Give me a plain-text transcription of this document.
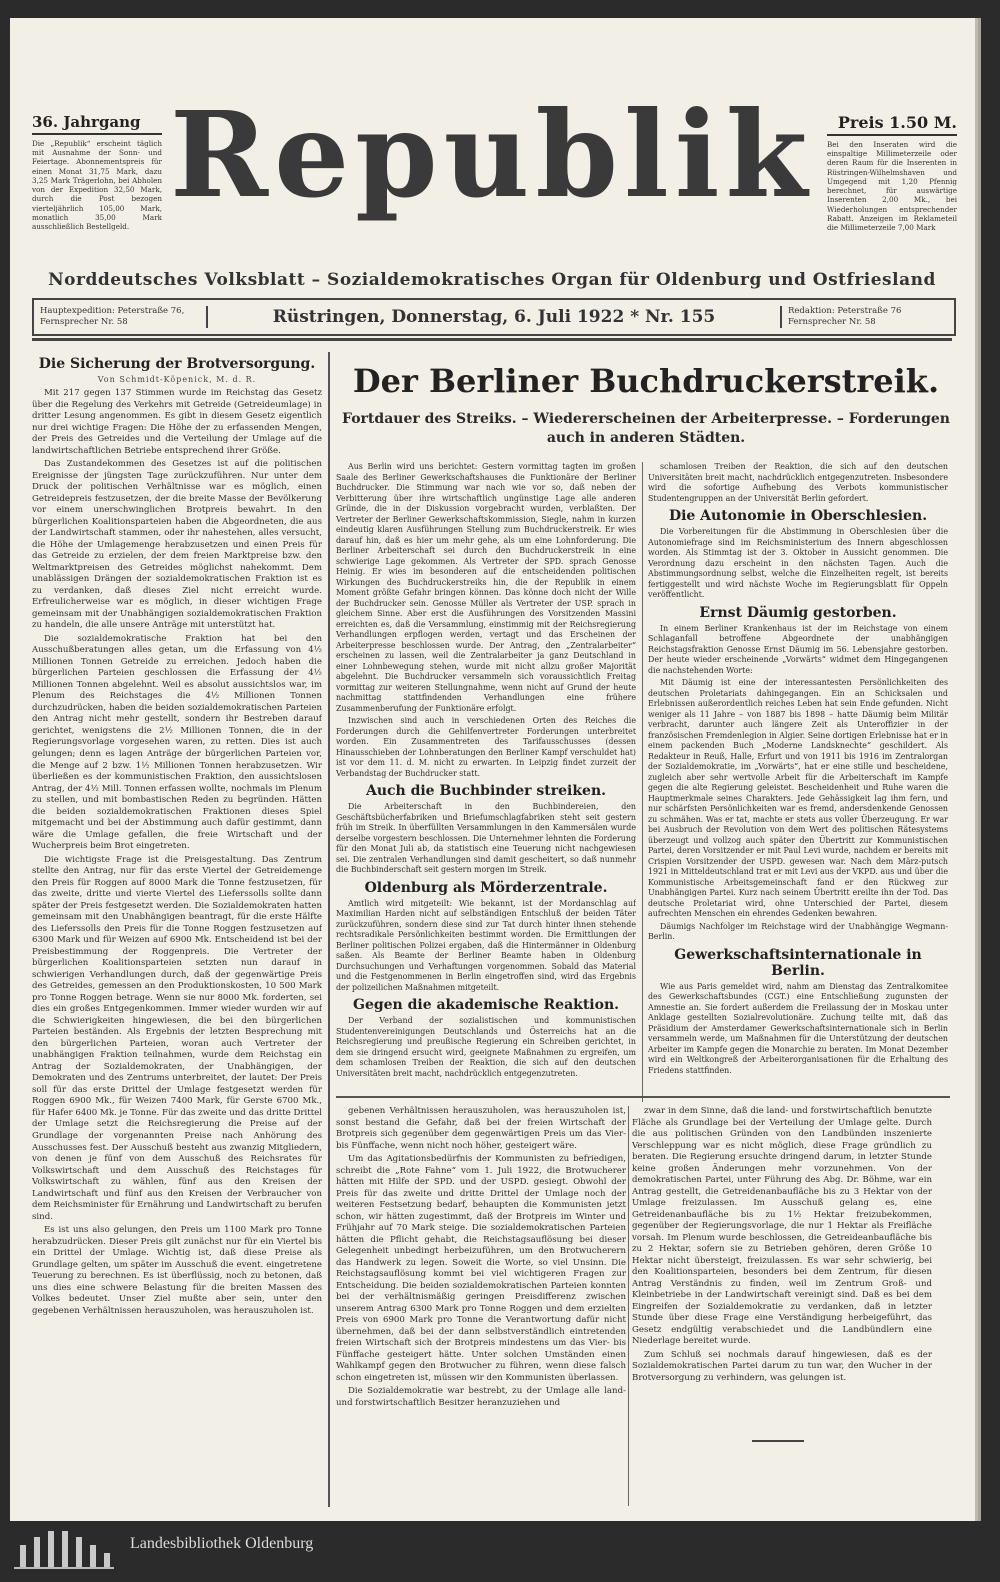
36. Jahrgang
Die „Republik“ erscheint täglich mit Ausnahme der Sonn- und Feiertage. Abonnementspreis für einen Monat 31,75 Mark, dazu 3,25 Mark Trägerlohn, bei Abholen von der Expedition 32,50 Mark, durch die Post bezogen vierteljährlich 105,00 Mark, monatlich 35,00 Mark ausschließlich Bestellgeld.
Republik	Preis 1.50 M.
Bei den Inseraten wird die einspaltige Millimeterzeile oder deren Raum für die Inserenten in Rüstringen-Wilhelmshaven und Umgegend mit 1,20 Pfennig berechnet, für auswärtige Inserenten 2,00 Mk., bei Wiederholungen entsprechender Rabatt. Anzeigen im Reklameteil die Millimeterzeile 7,00 Mark
Norddeutsches Volksblatt – Sozialdemokratisches Organ für Oldenburg und Ostfriesland
Hauptexpedition: Peterstraße 76, Fernsprecher Nr. 58	Rüstringen, Donnerstag, 6. Juli 1922 * Nr. 155	Redaktion: Peterstraße 76 Fernsprecher Nr. 58
Die Sicherung der Brotversorgung.
Von Schmidt-Köpenick, M. d. R.

Mit 217 gegen 137 Stimmen wurde im Reichstag das Gesetz über die Regelung des Verkehrs mit Getreide (Getreideumlage) in dritter Lesung angenommen. Es gibt in diesem Gesetz eigentlich nur drei wichtige Fragen: Die Höhe der zu erfassenden Mengen, der Preis des Getreides und die Verteilung der Umlage auf die landwirtschaftlichen Betriebe entsprechend ihrer Größe.

Das Zustandekommen des Gesetzes ist auf die politischen Ereignisse der jüngsten Tage zurückzuführen. Nur unter dem Druck der politischen Verhältnisse war es möglich, einen Getreidepreis festzusetzen, der die breite Masse der Bevölkerung vor einem unerschwinglichen Brotpreis bewahrt. In den bürgerlichen Koalitionsparteien haben die Abgeordneten, die aus der Landwirtschaft stammen, oder ihr nahestehen, alles versucht, die Höhe der Umlagemenge herabzusetzen und einen Preis für das Getreide zu erzielen, der dem freien Marktpreise bzw. den Weltmarktpreisen des Getreides möglichst nahekommt. Dem unablässigen Drängen der sozialdemokratischen Fraktion ist es zu verdanken, daß dieses Ziel nicht erreicht wurde. Erfreulicherweise war es möglich, in dieser wichtigen Frage gemeinsam mit der Unabhängigen sozialdemokratischen Fraktion zu handeln, die alle unsere Anträge mit unterstützt hat.

Die sozialdemokratische Fraktion hat bei den Ausschußberatungen alles getan, um die Erfassung von 4½ Millionen Tonnen Getreide zu erreichen. Jedoch haben die bürgerlichen Parteien geschlossen die Erfassung der 4½ Millionen Tonnen abgelehnt. Weil es absolut aussichtslos war, im Plenum des Reichstages die 4½ Millionen Tonnen durchzudrücken, haben die beiden sozialdemokratischen Parteien den Antrag nicht mehr gestellt, sondern ihr Bestreben darauf gerichtet, wenigstens die 2½ Millionen Tonnen, die in der Regierungsvorlage vorgesehen waren, zu retten. Dies ist auch gelungen; denn es lagen Anträge der bürgerlichen Parteien vor, die Menge auf 2 bzw. 1½ Millionen Tonnen herabzusetzen. Wir überließen es der kommunistischen Fraktion, den aussichtslosen Antrag, der 4½ Mill. Tonnen erfassen wollte, nochmals im Plenum zu stellen, und mit bombastischen Reden zu begründen. Hätten die beiden sozialdemokratischen Fraktionen dieses Spiel mitgemacht und bei der Abstimmung auch dafür gestimmt, dann wäre die Umlage gefallen, die freie Wirtschaft und der Wucherpreis beim Brot eingetreten.

Die wichtigste Frage ist die Preisgestaltung. Das Zentrum stellte den Antrag, nur für das erste Viertel der Getreidemenge den Preis für Roggen auf 8000 Mark die Tonne festzusetzen, für das zweite, dritte und vierte Viertel des Lieferssolls sollte dann später der Preis festgesetzt werden. Die Sozialdemokraten hatten gemeinsam mit den Unabhängigen beantragt, für die erste Hälfte des Lieferssolls den Preis für die Tonne Roggen festzusetzen auf 6300 Mark und für Weizen auf 6900 Mk. Entscheidend ist bei der Preisbestimmung der Roggenpreis. Die Vertreter der bürgerlichen Koalitionsparteien setzten nun darauf in schwierigen Verhandlungen durch, daß der gegenwärtige Preis des Getreides, gemessen an den Produktionskosten, 10 500 Mark pro Tonne Roggen betrage. Wenn sie nur 8000 Mk. forderten, sei dies ein großes Entgegenkommen. Immer wieder wurden wir auf die Schwierigkeiten hingewiesen, die bei den bürgerlichen Parteien beständen. Als Ergebnis der letzten Besprechung mit den bürgerlichen Parteien, woran auch Vertreter der unabhängigen Fraktion teilnahmen, wurde dem Reichstag ein Antrag der Sozialdemokraten, der Unabhängigen, der Demokraten und des Zentrums unterbreitet, der lautet: Der Preis soll für das erste Drittel der Umlage festgesetzt werden für Roggen 6900 Mk., für Weizen 7400 Mark, für Gerste 6700 Mk., für Hafer 6400 Mk. je Tonne. Für das zweite und das dritte Drittel der Umlage setzt die Reichsregierung die Preise auf der Grundlage der vorgenannten Preise nach Anhörung des Ausschusses fest. Der Ausschuß besteht aus zwanzig Mitgliedern, von denen je fünf von dem Ausschuß des Reichsrates für Volkswirtschaft und dem Ausschuß des Reichstages für Volkswirtschaft zu wählen, fünf aus den Kreisen der Landwirtschaft und fünf aus den Kreisen der Verbraucher von dem Reichsminister für Ernährung und Landwirtschaft zu berufen sind.

Es ist uns also gelungen, den Preis um 1100 Mark pro Tonne herabzudrücken. Dieser Preis gilt zunächst nur für ein Viertel bis ein Drittel der Umlage. Wichtig ist, daß diese Preise als Grundlage gelten, um später im Ausschuß die event. eingetretene Teuerung zu berechnen. Es ist überflüssig, noch zu betonen, daß uns dies eine schwere Belastung für die breiten Massen des Volkes bedeutet. Unser Ziel mußte aber sein, unter den gegebenen Verhältnissen herauszuholen, was herauszuholen ist.

Der Berliner Buchdruckerstreik.
Fortdauer des Streiks. – Wiedererscheinen der Arbeiterpresse. – Forderungen auch in anderen Städten.

Aus Berlin wird uns berichtet: Gestern vormittag tagten im großen Saale des Berliner Gewerkschaftshauses die Funktionäre der Berliner Buchdrucker. Die Stimmung war nach wie vor so, daß neben der Verbitterung über ihre wirtschaftlich ungünstige Lage alle anderen Gründe, die in der Diskussion vorgebracht wurden, verblaßten. Der Vertreter der Berliner Gewerkschaftskommission, Siegle, nahm in kurzen eindeutig klaren Ausführungen Stellung zum Buchdruckerstreik. Er wies darauf hin, daß es hier um mehr gehe, als um eine Lohnforderung. Die Berliner Arbeiterschaft sei durch den Buchdruckerstreik in eine schwierige Lage gekommen. Als Vertreter der SPD. sprach Genosse Heinig. Er wies im besonderen auf die entscheidenden politischen Wirkungen des Buchdruckerstreiks hin, die der Republik in einem Moment größte Gefahr bringen können. Das könne doch nicht der Wille der Buchdrucker sein. Genosse Müller als Vertreter der USP. sprach in gleichem Sinne. Aber erst die Ausführungen des Vorsitzenden Massini erreichten es, daß die Versammlung, einstimmig mit der Reichsregierung Verhandlungen erpflogen werden, vertagt und das Erscheinen der Arbeiterpresse beschlossen wurde. Der Antrag, den „Zentralarbeiter“ erscheinen zu lassen, weil die Zentralarbeiter ja ganz Deutschland in einer Lohnbewegung stehen, wurde mit nicht allzu großer Majorität abgelehnt. Die Buchdrucker versammeln sich voraussichtlich Freitag vormittag zur weiteren Stellungnahme, wenn nicht auf Grund der heute nachmittag stattfindenden Verhandlungen eine frühere Zusammenberufung der Funktionäre erfolgt.

Inzwischen sind auch in verschiedenen Orten des Reiches die Forderungen durch die Gehilfenvertreter Forderungen unterbreitet worden. Ein Zusammentreten des Tarifausschusses (dessen Hinausschieben der Lohnberatungen den Berliner Kampf verschuldet hat) ist vor dem 11. d. M. nicht zu erwarten. In Leipzig findet zurzeit der Verbandstag der Buchdrucker statt.

Auch die Buchbinder streiken.

Die Arbeiterschaft in den Buchbindereien, den Geschäftsbücherfabriken und Briefumschlagfabriken steht seit gestern früh im Streik. In überfüllten Versammlungen in den Kammersälen wurde derselbe vorgestern beschlossen. Die Unternehmer lehnten die Forderung für den Monat Juli ab, da statistisch eine Teuerung nicht nachgewiesen sei. Die zentralen Verhandlungen sind damit gescheitert, so daß nunmehr die Buchbinderschaft seit gestern morgen im Streik.

Oldenburg als Mörderzentrale.

Amtlich wird mitgeteilt: Wie bekannt, ist der Mordanschlag auf Maximilian Harden nicht auf selbständigen Entschluß der beiden Täter zurückzuführen, sondern diese sind zur Tat durch hinter ihnen stehende rechtsradikale Persönlichkeiten bestimmt worden. Die Ermittlungen der Berliner politischen Polizei ergaben, daß die Hintermänner in Oldenburg saßen. Als Beamte der Berliner Beamte haben in Oldenburg Durchsuchungen und Verhaftungen vorgenommen. Sobald das Material und die Festgenommenen in Berlin eingetroffen sind, wird das Ergebnis der polizeilichen Maßnahmen mitgeteilt.

Gegen die akademische Reaktion.

Der Verband der sozialistischen und kommunistischen Studentenvereinigungen Deutschlands und Österreichs hat an die Reichsregierung und preußische Regierung ein Schreiben gerichtet, in dem sie dringend ersucht wird, geeignete Maßnahmen zu ergreifen, um dem schamlosen Treiben der Reaktion, die sich auf den deutschen Universitäten breit macht, nachdrücklich entgegenzutreten.

schamlosen Treiben der Reaktion, die sich auf den deutschen Universitäten breit macht, nachdrücklich entgegenzutreten. Insbesondere wird die sofortige Aufhebung des Verbots kommunistischer Studentengruppen an der Universität Berlin gefordert.

Die Autonomie in Oberschlesien.

Die Vorbereitungen für die Abstimmung in Oberschlesien über die Autonomiefrage sind im Reichsministerium des Innern abgeschlossen worden. Als Stimmtag ist der 3. Oktober in Aussicht genommen. Die Verordnung dazu erscheint in den nächsten Tagen. Auch die Abstimmungsordnung selbst, welche die Einzelheiten regelt, ist bereits fertiggestellt und wird nächste Woche im Regierungsblatt für Oppeln veröffentlicht.

Ernst Däumig gestorben.

In einem Berliner Krankenhaus ist der im Reichstage von einem Schlaganfall betroffene Abgeordnete der unabhängigen Reichstagsfraktion Genosse Ernst Däumig im 56. Lebensjahre gestorben. Der heute wieder erscheinende „Vorwärts“ widmet dem Hingegangenen die nachstehenden Worte:

Mit Däumig ist eine der interessantesten Persönlichkeiten des deutschen Proletariats dahingegangen. Ein an Schicksalen und Erlebnissen außerordentlich reiches Leben hat sein Ende gefunden. Nicht weniger als 11 Jahre – von 1887 bis 1898 – hatte Däumig beim Militär verbracht, darunter auch längere Zeit als Unteroffizier in der französischen Fremdenlegion in Algier. Seine dortigen Erlebnisse hat er in einem packenden Buch „Moderne Landsknechte“ geschildert. Als Redakteur in Reuß, Halle, Erfurt und von 1911 bis 1916 im Zentralorgan der Sozialdemokratie, im „Vorwärts“, hat er eine stille und bescheidene, zugleich aber sehr wertvolle Arbeit für die Arbeiterschaft im Kampfe gegen die alte Regierung geleistet. Bescheidenheit und Ruhe waren die Hauptmerkmale seines Charakters. Jede Gehässigkeit lag ihm fern, und nur schärfsten Persönlichkeiten war es fremd, andersdenkende Genossen zu schmähen. Was er tat, machte er stets aus voller Überzeugung. Er war bei Ausbruch der Revolution von dem Wert des politischen Rätesystems überzeugt und vollzog auch später den Übertritt zur Kommunistischen Partei, deren Vorsitzender er mit Paul Levi wurde, nachdem er bereits mit Crispien Vorsitzender der USPD. gewesen war. Nach dem März-putsch 1921 in Mitteldeutschland trat er mit Levi aus der VKPD. aus und über die Kommunistische Arbeitsgemeinschaft fand er den Rückweg zur Unabhängigen Partei. Kurz nach seinem Übertritt ereilte ihn der Tod. Das deutsche Proletariat wird, ohne Unterschied der Partei, diesem aufrechten Menschen ein ehrendes Gedenken bewahren.

Däumigs Nachfolger im Reichstage wird der Unabhängige Wegmann-Berlin.

Gewerkschaftsinternationale in Berlin.

Wie aus Paris gemeldet wird, nahm am Dienstag das Zentralkomitee des Gewerkschaftsbundes (CGT.) eine Entschließung zugunsten der Amnestie an. Sie fordert außerdem die Freilassung der in Moskau unter Anklage gestellten Sozialrevolutionäre. Zuchung teilte mit, daß das Präsidium der Amsterdamer Gewerkschaftsinternationale sich in Berlin versammeln werde, um Maßnahmen für die Unterstützung der deutschen Arbeiter im Kampfe gegen die Monarchie zu beraten. Im Monat Dezember wird ein Weltkongreß der Arbeiterorganisationen für die Erhaltung des Friedens stattfinden.

gebenen Verhältnissen herauszuholen, was herauszuholen ist, sonst bestand die Gefahr, daß bei der freien Wirtschaft der Brotpreis sich gegenüber dem gegenwärtigen Preis um das Vier- bis Fünffache, wenn nicht noch höher, gesteigert wäre.

Um das Agitationsbedürfnis der Kommunisten zu befriedigen, schreibt die „Rote Fahne“ vom 1. Juli 1922, die Brotwucherer hätten mit Hilfe der SPD. und der USPD. gesiegt. Obwohl der Preis für das zweite und dritte Drittel der Umlage noch der weiteren Festsetzung bedarf, behaupten die Kommunisten jetzt schon, wir hätten zugestimmt, daß der Brotpreis im Winter und Frühjahr auf 70 Mark steige. Die sozialdemokratischen Parteien hätten die Pflicht gehabt, die Reichstagsauflösung bei dieser Gelegenheit unbedingt herbeizuführen, um den Brotwucherern das Handwerk zu legen. Soweit die Worte, so viel Unsinn. Die Reichstagsauflösung kommt bei viel wichtigeren Fragen zur Entscheidung. Die beiden sozialdemokratischen Parteien konnten bei der verhältnismäßig geringen Preisdifferenz zwischen unserem Antrag 6300 Mark pro Tonne Roggen und dem erzielten Preis von 6900 Mark pro Tonne die Verantwortung dafür nicht übernehmen, daß bei der dann selbstverständlich eintretenden freien Wirtschaft sich der Brotpreis mindestens um das Vier- bis Fünffache gesteigert hätte. Unter solchen Umständen einen Wahlkampf gegen den Brotwucher zu führen, wenn diese falsch schon eingetreten ist, müssen wir den Kommunisten überlassen.

Die Sozialdemokratie war bestrebt, zu der Umlage alle land- und forstwirtschaftlich Besitzer heranzuziehen und

zwar in dem Sinne, daß die land- und forstwirtschaftlich benutzte Fläche als Grundlage bei der Verteilung der Umlage gelte. Durch die aus politischen Gründen von den Landbünden inszenierte Verschleppung war es nicht möglich, diese Frage gründlich zu beraten. Die Regierung ersuchte dringend darum, in letzter Stunde keine großen Änderungen mehr vorzunehmen. Von der demokratischen Partei, unter Führung des Abg. Dr. Böhme, war ein Antrag gestellt, die Getreidenanbaufläche bis zu 3 Hektar von der Umlage freizulassen. Im Ausschuß gelang es, eine Getreidenanbaufläche bis zu 1½ Hektar freizubekommen, gegenüber der Regierungsvorlage, die nur 1 Hektar als Freifläche vorsah. Im Plenum wurde beschlossen, die Getreideanbaufläche bis zu 2 Hektar, sofern sie zu Betrieben gehören, deren Größe 10 Hektar nicht übersteigt, freizulassen. Es war sehr schwierig, bei den Koalitionsparteien, besonders bei dem Zentrum, für diesen Antrag Verständnis zu finden, weil im Zentrum Groß- und Kleinbetriebe in der Landwirtschaft vereinigt sind. Daß es bei dem Eingreifen der Sozialdemokratie zu verdanken, daß in letzter Stunde über diese Frage eine Verständigung herbeigeführt, das Gesetz endgültig verabschiedet und die Landbündlern eine Niederlage bereitet wurde.

Zum Schluß sei nochmals darauf hingewiesen, daß es der Sozialdemokratischen Partei darum zu tun war, den Wucher in der Brotversorgung zu verhindern, was gelungen ist.

Landesbibliothek Oldenburg
